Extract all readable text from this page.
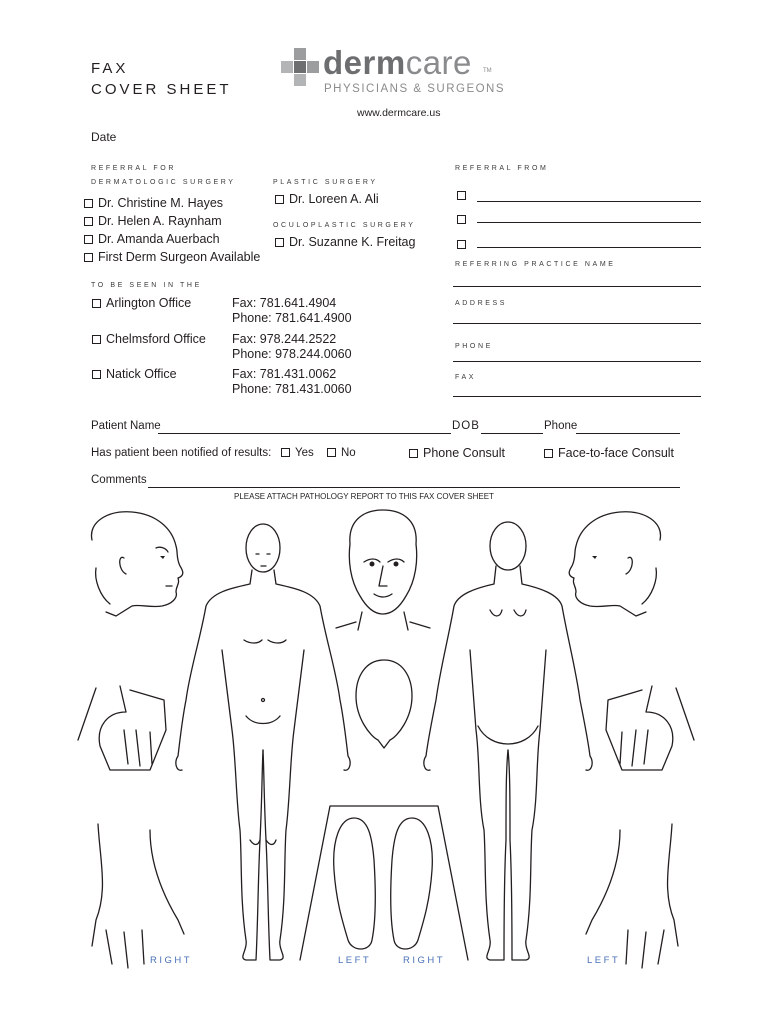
FAX
COVER SHEET
dermcare TM
PHYSICIANS & SURGEONS
www.dermcare.us
Date
REFERRAL FOR
DERMATOLOGIC SURGERY
Dr. Christine M. Hayes
Dr. Helen A. Raynham
Dr. Amanda Auerbach
First Derm Surgeon Available
PLASTIC SURGERY
Dr. Loreen A. Ali
OCULOPLASTIC SURGERY
Dr. Suzanne K. Freitag
REFERRAL FROM
REFERRING PRACTICE NAME
ADDRESS
PHONE
FAX
TO BE SEEN IN THE
Arlington Office	Fax: 781.641.4904
Phone: 781.641.4900
Chelmsford Office Fax: 978.244.2522
Phone: 978.244.0060
Natick Office	Fax: 781.431.0062
Phone: 781.431.0060
Patient Name	DOB	Phone
Has patient been notified of results:	Yes	No	Phone Consult	Face-to-face Consult
Comments
PLEASE ATTACH PATHOLOGY REPORT TO THIS FAX COVER SHEET
RIGHT	LEFT	RIGHT	LEFT
